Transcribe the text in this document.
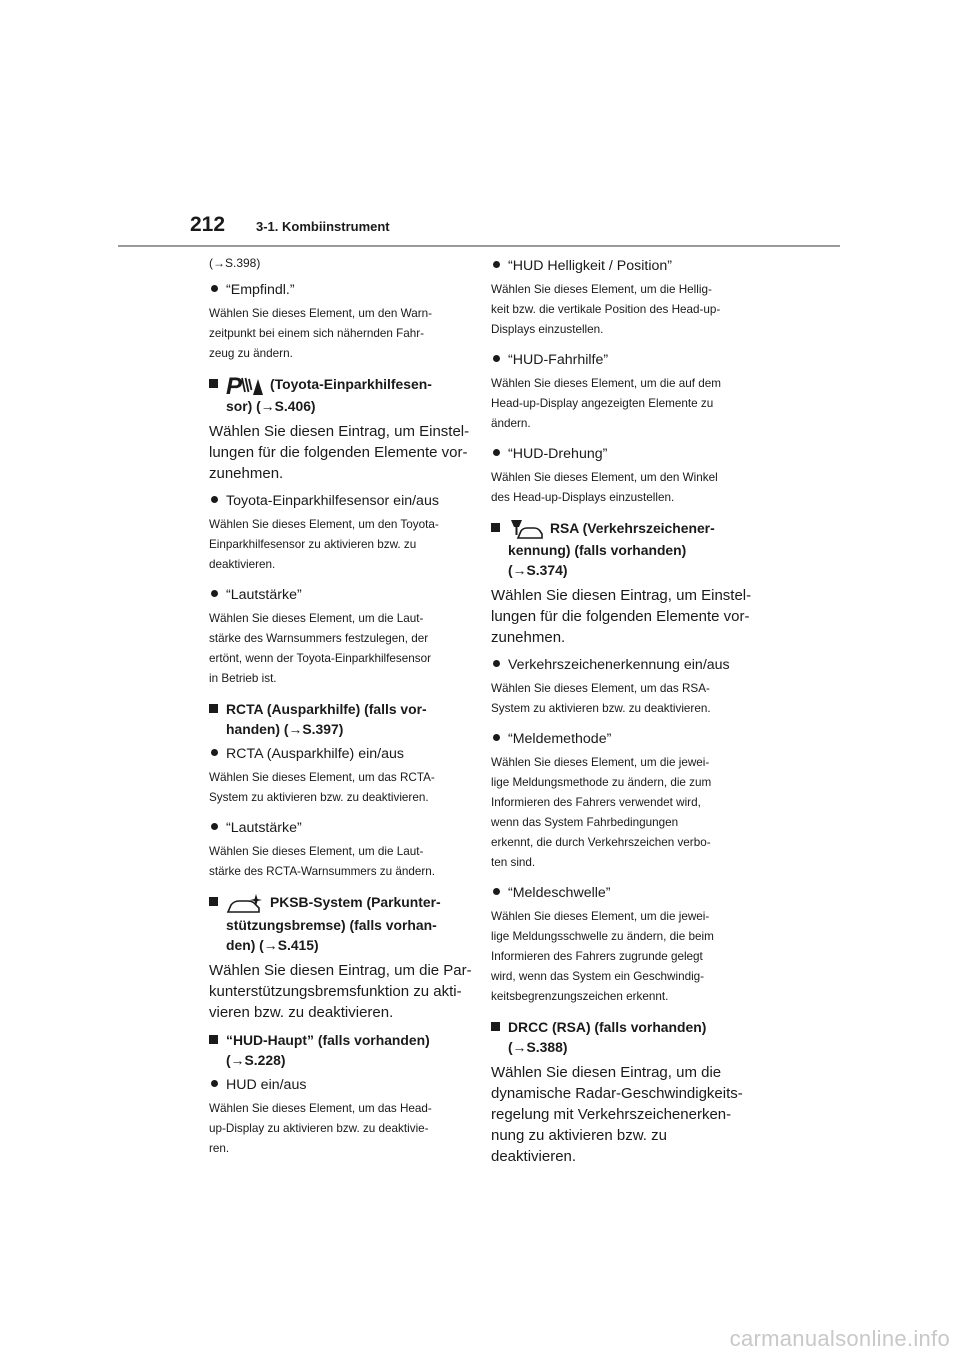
212 3-1. Kombiinstrument
(→S.398)
“Empfindl.”
Wählen Sie dieses Element, um den Warn-
zeitpunkt bei einem sich nähernden Fahr-
zeug zu ändern.
P (Toyota-Einparkhilfesen-
sor) (→S.406)
Wählen Sie diesen Eintrag, um Einstel-
lungen für die folgenden Elemente vor-
zunehmen.
Toyota-Einparkhilfesensor ein/aus
Wählen Sie dieses Element, um den Toyota-
Einparkhilfesensor zu aktivieren bzw. zu
deaktivieren.
“Lautstärke”
Wählen Sie dieses Element, um die Laut-
stärke des Warnsummers festzulegen, der
ertönt, wenn der Toyota-Einparkhilfesensor
in Betrieb ist.
RCTA (Ausparkhilfe) (falls vor-
handen) (→S.397)
RCTA (Ausparkhilfe) ein/aus
Wählen Sie dieses Element, um das RCTA-
System zu aktivieren bzw. zu deaktivieren.
“Lautstärke”
Wählen Sie dieses Element, um die Laut-
stärke des RCTA-Warnsummers zu ändern.
PKSB-System (Parkunter-
stützungsbremse) (falls vorhan-
den) (→S.415)
Wählen Sie diesen Eintrag, um die Par-
kunterstützungsbremsfunktion zu akti-
vieren bzw. zu deaktivieren.
“HUD-Haupt” (falls vorhanden)
(→S.228)
HUD ein/aus
Wählen Sie dieses Element, um das Head-
up-Display zu aktivieren bzw. zu deaktivie-
ren.
“HUD Helligkeit / Position”
Wählen Sie dieses Element, um die Hellig-
keit bzw. die vertikale Position des Head-up-
Displays einzustellen.
“HUD-Fahrhilfe”
Wählen Sie dieses Element, um die auf dem
Head-up-Display angezeigten Elemente zu
ändern.
“HUD-Drehung”
Wählen Sie dieses Element, um den Winkel
des Head-up-Displays einzustellen.
RSA (Verkehrszeichener-
kennung) (falls vorhanden)
(→S.374)
Wählen Sie diesen Eintrag, um Einstel-
lungen für die folgenden Elemente vor-
zunehmen.
Verkehrszeichenerkennung ein/aus
Wählen Sie dieses Element, um das RSA-
System zu aktivieren bzw. zu deaktivieren.
“Meldemethode”
Wählen Sie dieses Element, um die jewei-
lige Meldungsmethode zu ändern, die zum
Informieren des Fahrers verwendet wird,
wenn das System Fahrbedingungen
erkennt, die durch Verkehrszeichen verbo-
ten sind.
“Meldeschwelle”
Wählen Sie dieses Element, um die jewei-
lige Meldungsschwelle zu ändern, die beim
Informieren des Fahrers zugrunde gelegt
wird, wenn das System ein Geschwindig-
keitsbegrenzungszeichen erkennt.
DRCC (RSA) (falls vorhanden)
(→S.388)
Wählen Sie diesen Eintrag, um die
dynamische Radar-Geschwindigkeits-
regelung mit Verkehrszeichenerken-
nung zu aktivieren bzw. zu
deaktivieren.
carmanualsonline.info
